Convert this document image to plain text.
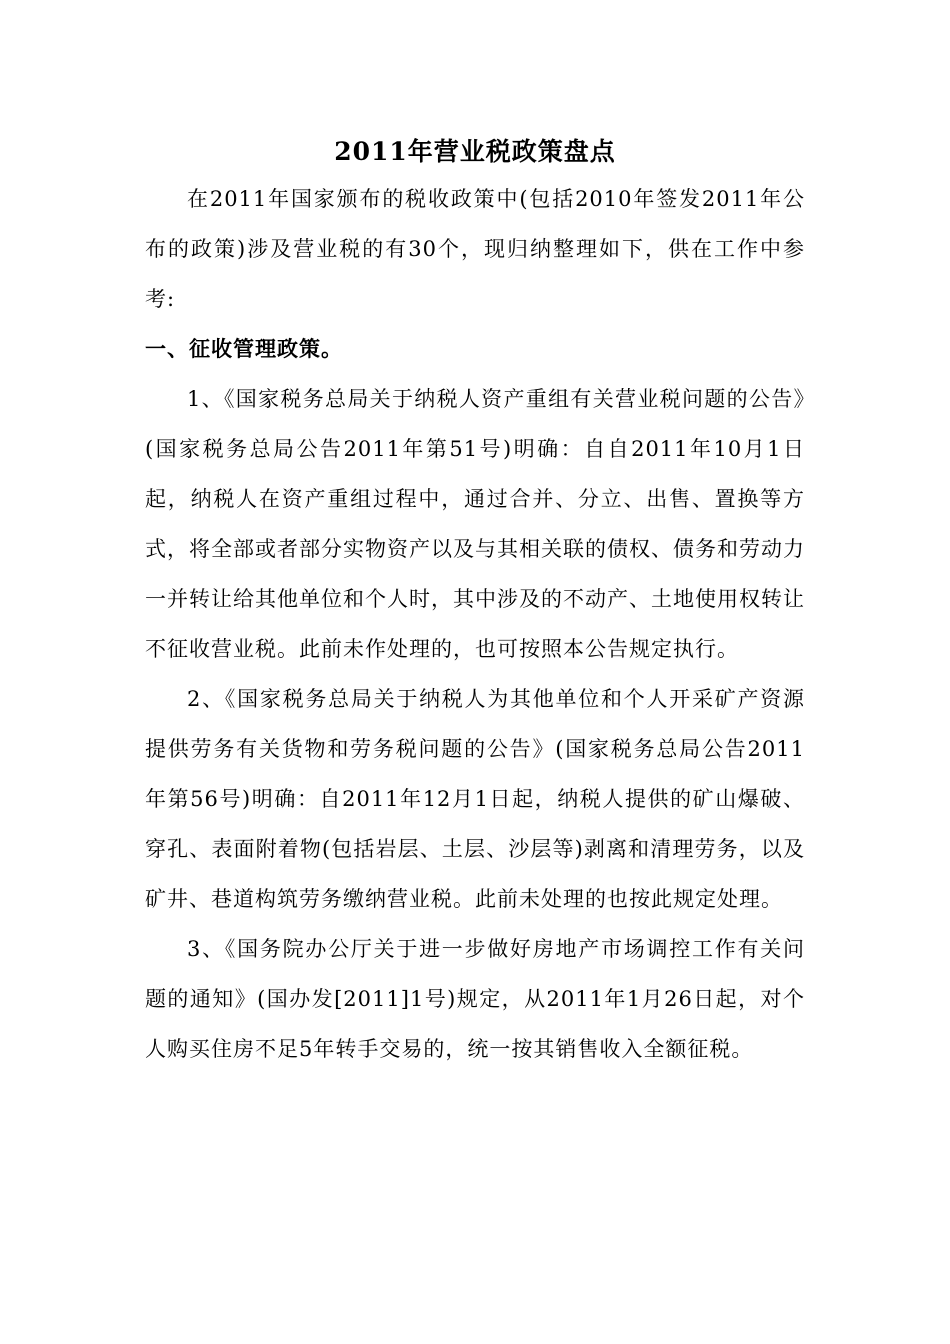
2011年营业税政策盘点

在2011年国家颁布的税收政策中(包括2010年签发2011年公布的政策)涉及营业税的有30个，现归纳整理如下，供在工作中参考:

一、征收管理政策。

1、《国家税务总局关于纳税人资产重组有关营业税问题的公告》(国家税务总局公告2011年第51号)明确：自自2011年10月1日起，纳税人在资产重组过程中，通过合并、分立、出售、置换等方式，将全部或者部分实物资产以及与其相关联的债权、债务和劳动力一并转让给其他单位和个人时，其中涉及的不动产、土地使用权转让不征收营业税。此前未作处理的，也可按照本公告规定执行。

2、《国家税务总局关于纳税人为其他单位和个人开采矿产资源提供劳务有关货物和劳务税问题的公告》(国家税务总局公告2011年第56号)明确：自2011年12月1日起，纳税人提供的矿山爆破、穿孔、表面附着物(包括岩层、土层、沙层等)剥离和清理劳务，以及矿井、巷道构筑劳务缴纳营业税。此前未处理的也按此规定处理。

3、《国务院办公厅关于进一步做好房地产市场调控工作有关问题的通知》(国办发[2011]1号)规定，从2011年1月26日起，对个人购买住房不足5年转手交易的，统一按其销售收入全额征税。
